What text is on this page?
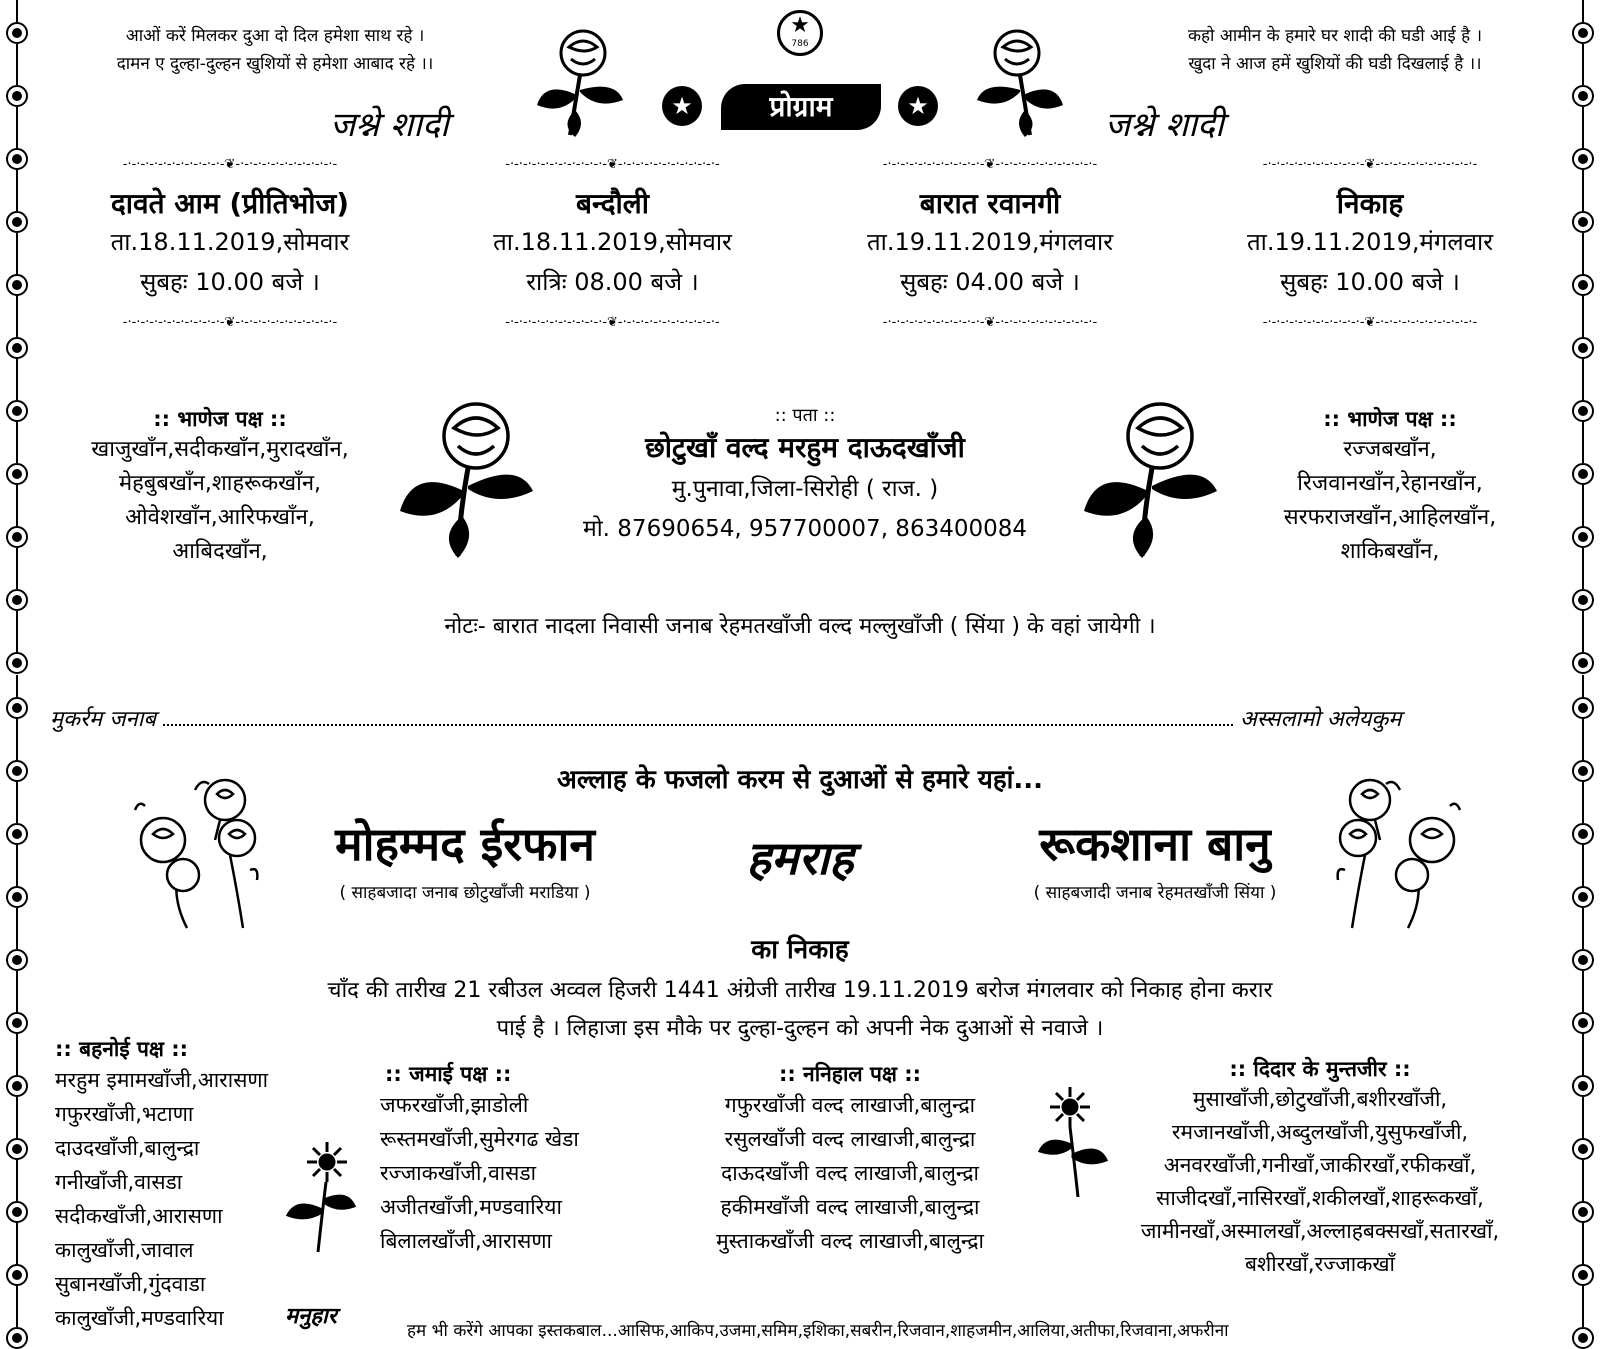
आओं करें मिलकर दुआ दो दिल हमेशा साथ रहे ।
दामन ए दुल्हा-दुल्हन खुशियों से हमेशा आबाद रहे ।।
कहो आमीन के हमारे घर शादी की घडी आई है ।
खुदा ने आज हमें खुशियों की घडी दिखलाई है ।।
जश्ने शादी	जश्ने शादी
★
786
★	प्रोग्राम	★
-·-·-·-·-·-·-·-·-·-·-·-❦-·-·-·-·-·-·-·-·-·-·-·-
-·-·-·-·-·-·-·-·-·-·-·-❦-·-·-·-·-·-·-·-·-·-·-·-
दावते आम (प्रीतिभोज)
ता.18.11.2019,सोमवार
सुबहः 10.00 बजे ।
-·-·-·-·-·-·-·-·-·-·-·-❦-·-·-·-·-·-·-·-·-·-·-·-
-·-·-·-·-·-·-·-·-·-·-·-❦-·-·-·-·-·-·-·-·-·-·-·-
बन्दौली
ता.18.11.2019,सोमवार
रात्रिः 08.00 बजे ।
-·-·-·-·-·-·-·-·-·-·-·-❦-·-·-·-·-·-·-·-·-·-·-·-
-·-·-·-·-·-·-·-·-·-·-·-❦-·-·-·-·-·-·-·-·-·-·-·-
बारात रवानगी
ता.19.11.2019,मंगलवार
सुबहः 04.00 बजे ।
-·-·-·-·-·-·-·-·-·-·-·-❦-·-·-·-·-·-·-·-·-·-·-·-
-·-·-·-·-·-·-·-·-·-·-·-❦-·-·-·-·-·-·-·-·-·-·-·-
निकाह
ता.19.11.2019,मंगलवार
सुबहः 10.00 बजे ।
:: भाणेज पक्ष ::
खाजुखाँन,सदीकखाँन,मुरादखाँन,
मेहबुबखाँन,शाहरूकखाँन,
ओवेशखाँन,आरिफखाँन,
आबिदखाँन,
:: पता ::
छोटुखाँ वल्द मरहुम दाऊदखाँजी
मु.पुनावा,जिला-सिरोही ( राज. )
मो. 87690654, 957700007, 863400084
:: भाणेज पक्ष ::
रज्जबखाँन,
रिजवानखाँन,रेहानखाँन,
सरफराजखाँन,आहिलखाँन,
शाकिबखाँन,
नोटः- बारात नादला निवासी जनाब रेहमतखाँजी वल्द मल्लुखाँजी ( सिंया ) के वहां जायेगी ।
मुकर्रम जनाब	अस्सलामो अलेयकुम
अल्लाह के फजलो करम से दुआओं से हमारे यहां...
मोहम्मद ईरफान
( साहबजादा जनाब छोटुखाँजी मराडिया )
हमराह	रूकशाना बानु
( साहबजादी जनाब रेहमतखाँजी सिंया )
का निकाह
चाँद की तारीख 21 रबीउल अव्वल हिजरी 1441 अंग्रेजी तारीख 19.11.2019 बरोज मंगलवार को निकाह होना करार
पाई है । लिहाजा इस मौके पर दुल्हा-दुल्हन को अपनी नेक दुआओं से नवाजे ।
:: बहनोई पक्ष ::
मरहुम इमामखाँजी,आरासणा
गफुरखाँजी,भटाणा
दाउदखाँजी,बालुन्द्रा
गनीखाँजी,वासडा
सदीकखाँजी,आरासणा
कालुखाँजी,जावाल
सुबानखाँजी,गुंदवाडा
कालुखाँजी,मण्डवारिया
:: जमाई पक्ष ::
जफरखाँजी,झाडोली
रूस्तमखाँजी,सुमेरगढ खेडा
रज्जाकखाँजी,वासडा
अजीतखाँजी,मण्डवारिया
बिलालखाँजी,आरासणा
:: ननिहाल पक्ष ::
गफुरखाँजी वल्द लाखाजी,बालुन्द्रा
रसुलखाँजी वल्द लाखाजी,बालुन्द्रा
दाऊदखाँजी वल्द लाखाजी,बालुन्द्रा
हकीमखाँजी वल्द लाखाजी,बालुन्द्रा
मुस्ताकखाँजी वल्द लाखाजी,बालुन्द्रा
:: दिदार के मुन्तजीर ::
मुसाखाँजी,छोटुखाँजी,बशीरखाँजी,
रमजानखाँजी,अब्दुलखाँजी,युसुफखाँजी,
अनवरखाँजी,गनीखाँ,जाकीरखाँ,रफीकखाँ,
साजीदखाँ,नासिरखाँ,शकीलखाँ,शाहरूकखाँ,
जामीनखाँ,अस्मालखाँ,अल्लाहबक्सखाँ,सतारखाँ,
बशीरखाँ,रज्जाकखाँ
मनुहार
हम भी करेंगे आपका इस्तकबाल...आसिफ,आकिप,उजमा,समिम,इशिका,सबरीन,रिजवान,शाहजमीन,आलिया,अतीफा,रिजवाना,अफरीना
